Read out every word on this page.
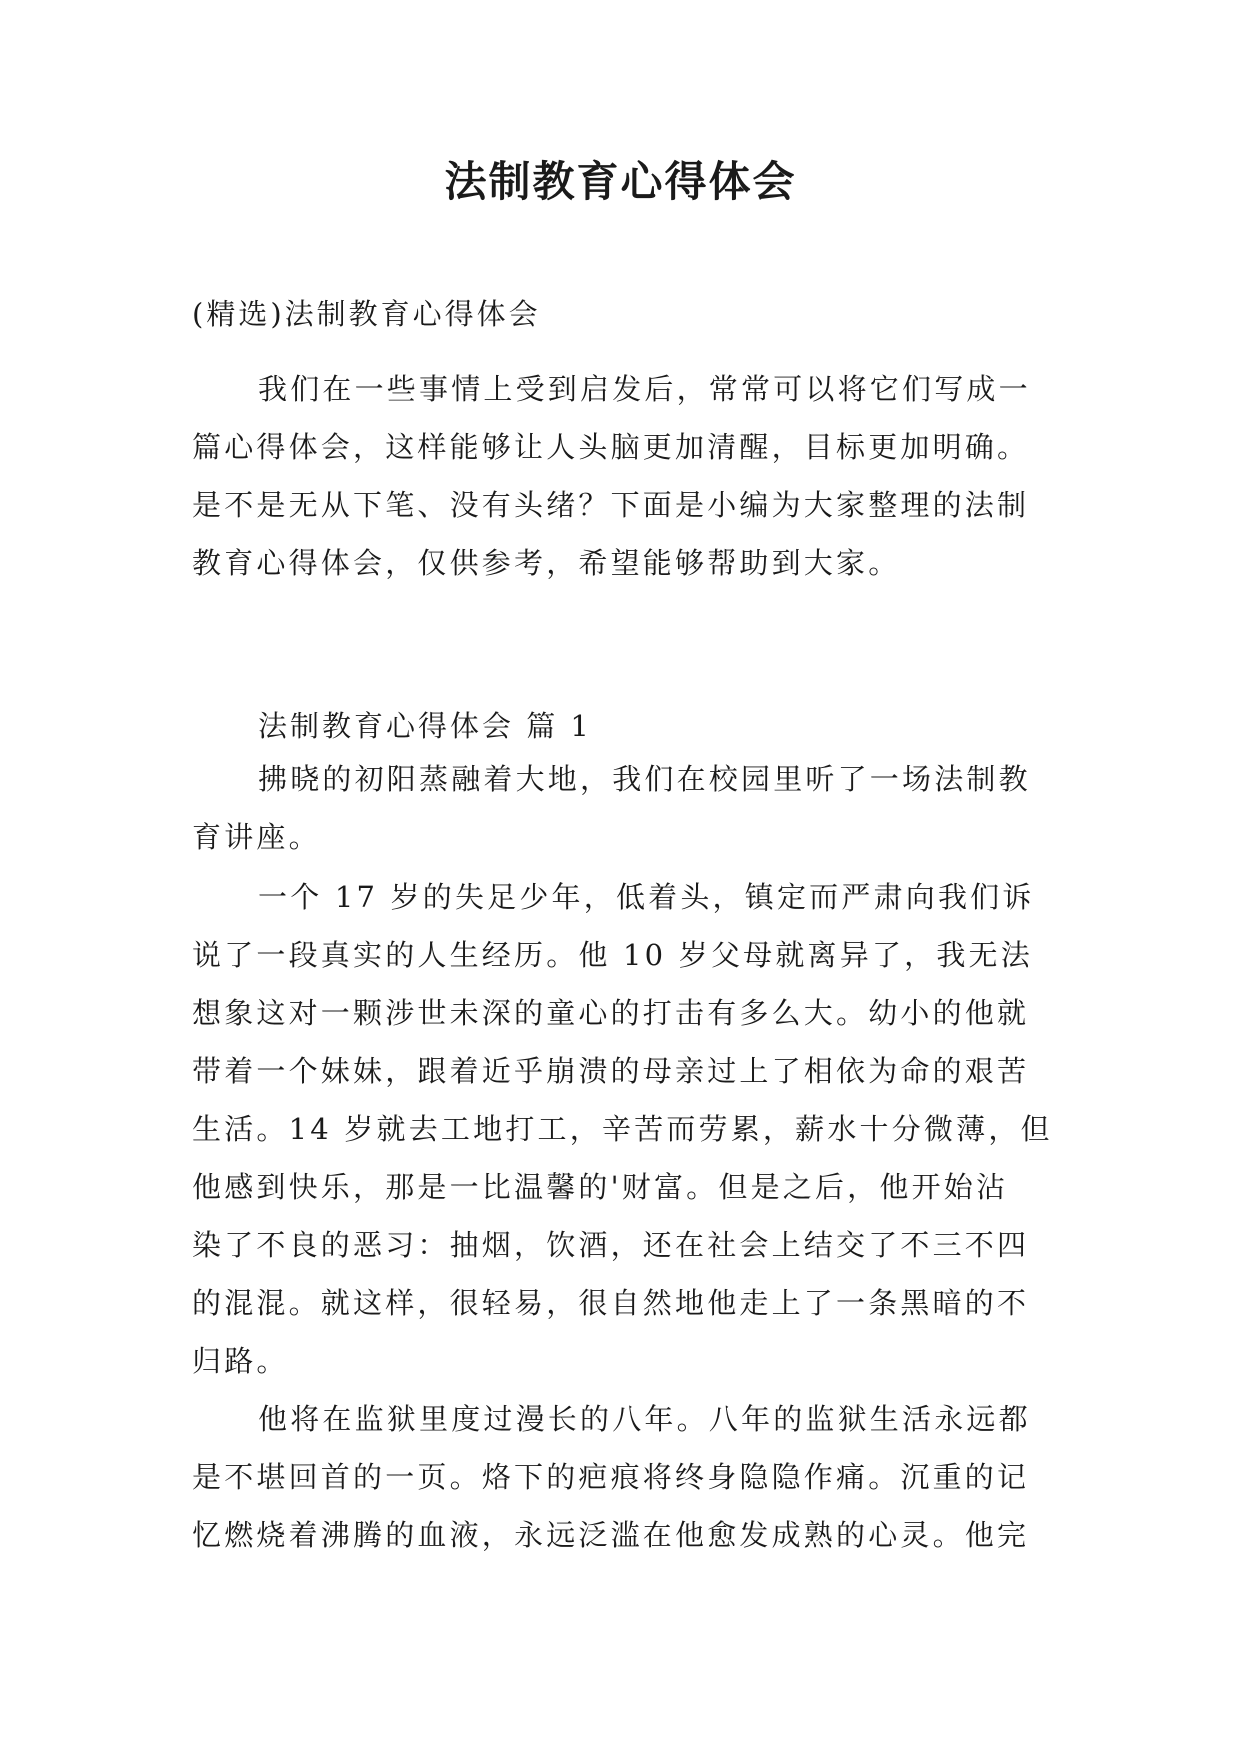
法制教育心得体会

(精选)法制教育心得体会

我们在一些事情上受到启发后，常常可以将它们写成一
篇心得体会，这样能够让人头脑更加清醒，目标更加明确。
是不是无从下笔、没有头绪？下面是小编为大家整理的法制
教育心得体会，仅供参考，希望能够帮助到大家。

法制教育心得体会 篇 1

拂晓的初阳蒸融着大地，我们在校园里听了一场法制教
育讲座。
一个 17 岁的失足少年，低着头，镇定而严肃向我们诉
说了一段真实的人生经历。他 10 岁父母就离异了，我无法
想象这对一颗涉世未深的童心的打击有多么大。幼小的他就
带着一个妹妹，跟着近乎崩溃的母亲过上了相依为命的艰苦
生活。14 岁就去工地打工，辛苦而劳累，薪水十分微薄，但
他感到快乐，那是一比温馨的'财富。但是之后，他开始沾
染了不良的恶习：抽烟，饮酒，还在社会上结交了不三不四
的混混。就这样，很轻易，很自然地他走上了一条黑暗的不
归路。
他将在监狱里度过漫长的八年。八年的监狱生活永远都
是不堪回首的一页。烙下的疤痕将终身隐隐作痛。沉重的记
忆燃烧着沸腾的血液，永远泛滥在他愈发成熟的心灵。他完
